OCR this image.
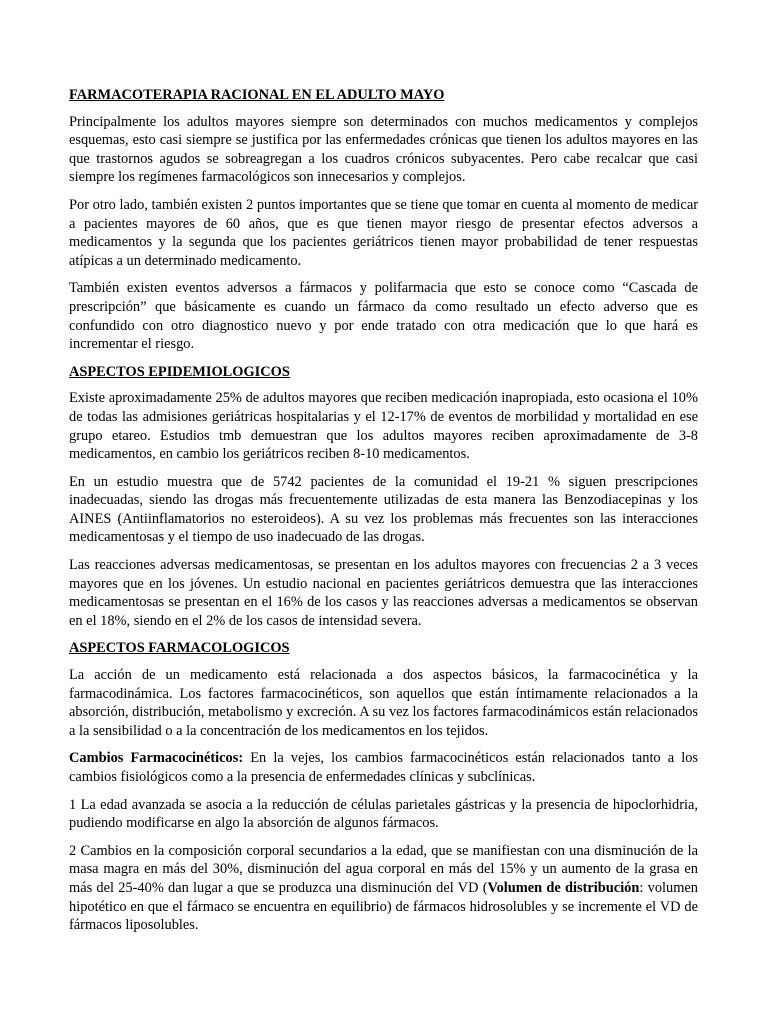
FARMACOTERAPIA RACIONAL EN EL ADULTO MAYO

Principalmente los adultos mayores siempre son determinados con muchos medicamentos y complejos esquemas, esto casi siempre se justifica por las enfermedades crónicas que tienen los adultos mayores en las que trastornos agudos se sobreagregan a los cuadros crónicos subyacentes. Pero cabe recalcar que casi siempre los regímenes farmacológicos son innecesarios y complejos.

Por otro lado, también existen 2 puntos importantes que se tiene que tomar en cuenta al momento de medicar a pacientes mayores de 60 años, que es que tienen mayor riesgo de presentar efectos adversos a medicamentos y la segunda que los pacientes geriátricos tienen mayor probabilidad de tener respuestas atípicas a un determinado medicamento.

También existen eventos adversos a fármacos y polifarmacia que esto se conoce como “Cascada de prescripción” que básicamente es cuando un fármaco da como resultado un efecto adverso que es confundido con otro diagnostico nuevo y por ende tratado con otra medicación que lo que hará es incrementar el riesgo.

ASPECTOS EPIDEMIOLOGICOS

Existe aproximadamente 25% de adultos mayores que reciben medicación inapropiada, esto ocasiona el 10% de todas las admisiones geriátricas hospitalarias y el 12-17% de eventos de morbilidad y mortalidad en ese grupo etareo. Estudios tmb demuestran que los adultos mayores reciben aproximadamente de 3-8 medicamentos, en cambio los geriátricos reciben 8-10 medicamentos.

En un estudio muestra que de 5742 pacientes de la comunidad el 19-21 % siguen prescripciones inadecuadas, siendo las drogas más frecuentemente utilizadas de esta manera las Benzodiacepinas y los AINES (Antiinflamatorios no esteroideos). A su vez los problemas más frecuentes son las interacciones medicamentosas y el tiempo de uso inadecuado de las drogas.

Las reacciones adversas medicamentosas, se presentan en los adultos mayores con frecuencias 2 a 3 veces mayores que en los jóvenes. Un estudio nacional en pacientes geriátricos demuestra que las interacciones medicamentosas se presentan en el 16% de los casos y las reacciones adversas a medicamentos se observan en el 18%, siendo en el 2% de los casos de intensidad severa.

ASPECTOS FARMACOLOGICOS

La acción de un medicamento está relacionada a dos aspectos básicos, la farmacocinética y la farmacodinámica. Los factores farmacocinéticos, son aquellos que están íntimamente relacionados a la absorción, distribución, metabolismo y excreción. A su vez los factores farmacodinámicos están relacionados a la sensibilidad o a la concentración de los medicamentos en los tejidos.

Cambios Farmacocinéticos: En la vejes, los cambios farmacocinéticos están relacionados tanto a los cambios fisiológicos como a la presencia de enfermedades clínicas y subclínicas.

1 La edad avanzada se asocia a la reducción de células parietales gástricas y la presencia de hipoclorhidria, pudiendo modificarse en algo la absorción de algunos fármacos.

2 Cambios en la composición corporal secundarios a la edad, que se manifiestan con una disminución de la masa magra en más del 30%, disminución del agua corporal en más del 15% y un aumento de la grasa en más del 25-40% dan lugar a que se produzca una disminución del VD (Volumen de distribución: volumen hipotético en que el fármaco se encuentra en equilibrio) de fármacos hidrosolubles y se incremente el VD de fármacos liposolubles.
